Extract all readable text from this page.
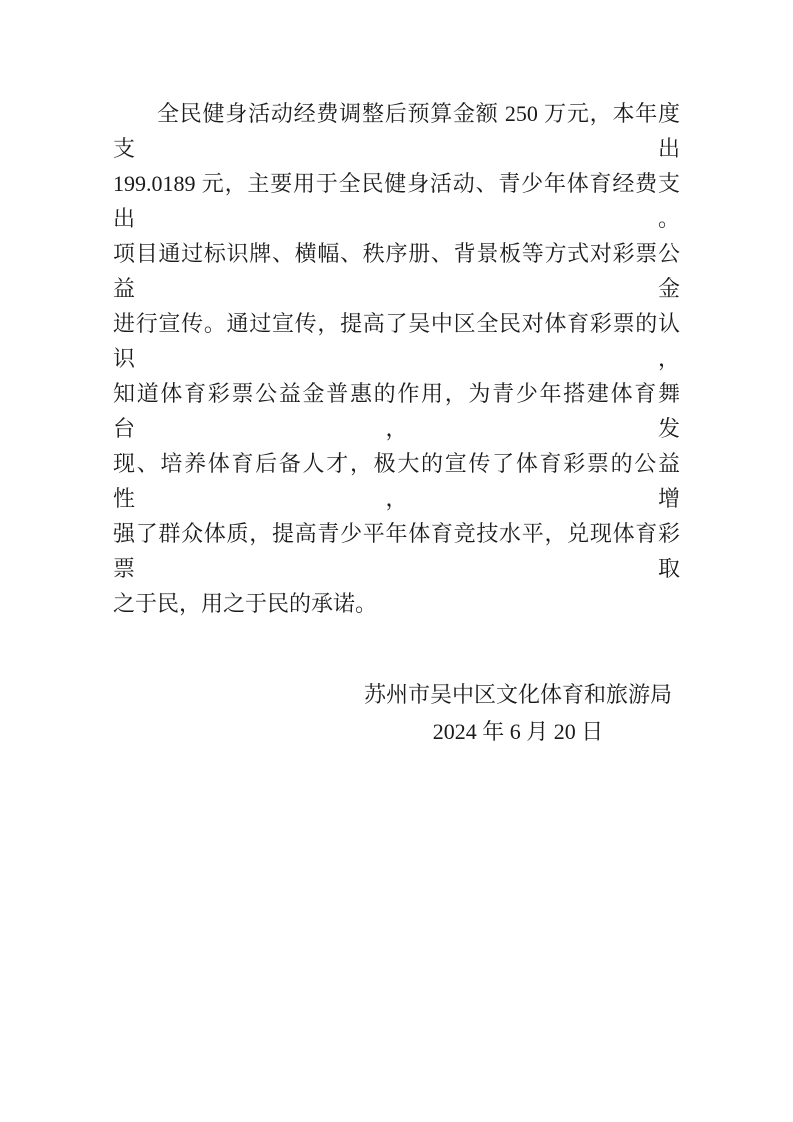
全民健身活动经费调整后预算金额 250 万元，本年度支出
199.0189 元，主要用于全民健身活动、青少年体育经费支出。
项目通过标识牌、横幅、秩序册、背景板等方式对彩票公益金
进行宣传。通过宣传，提高了吴中区全民对体育彩票的认识，
知道体育彩票公益金普惠的作用，为青少年搭建体育舞台，发
现、培养体育后备人才，极大的宣传了体育彩票的公益性，增
强了群众体质，提高青少平年体育竞技水平，兑现体育彩票取
之于民，用之于民的承诺。
苏州市吴中区文化体育和旅游局
2024 年 6 月 20 日
